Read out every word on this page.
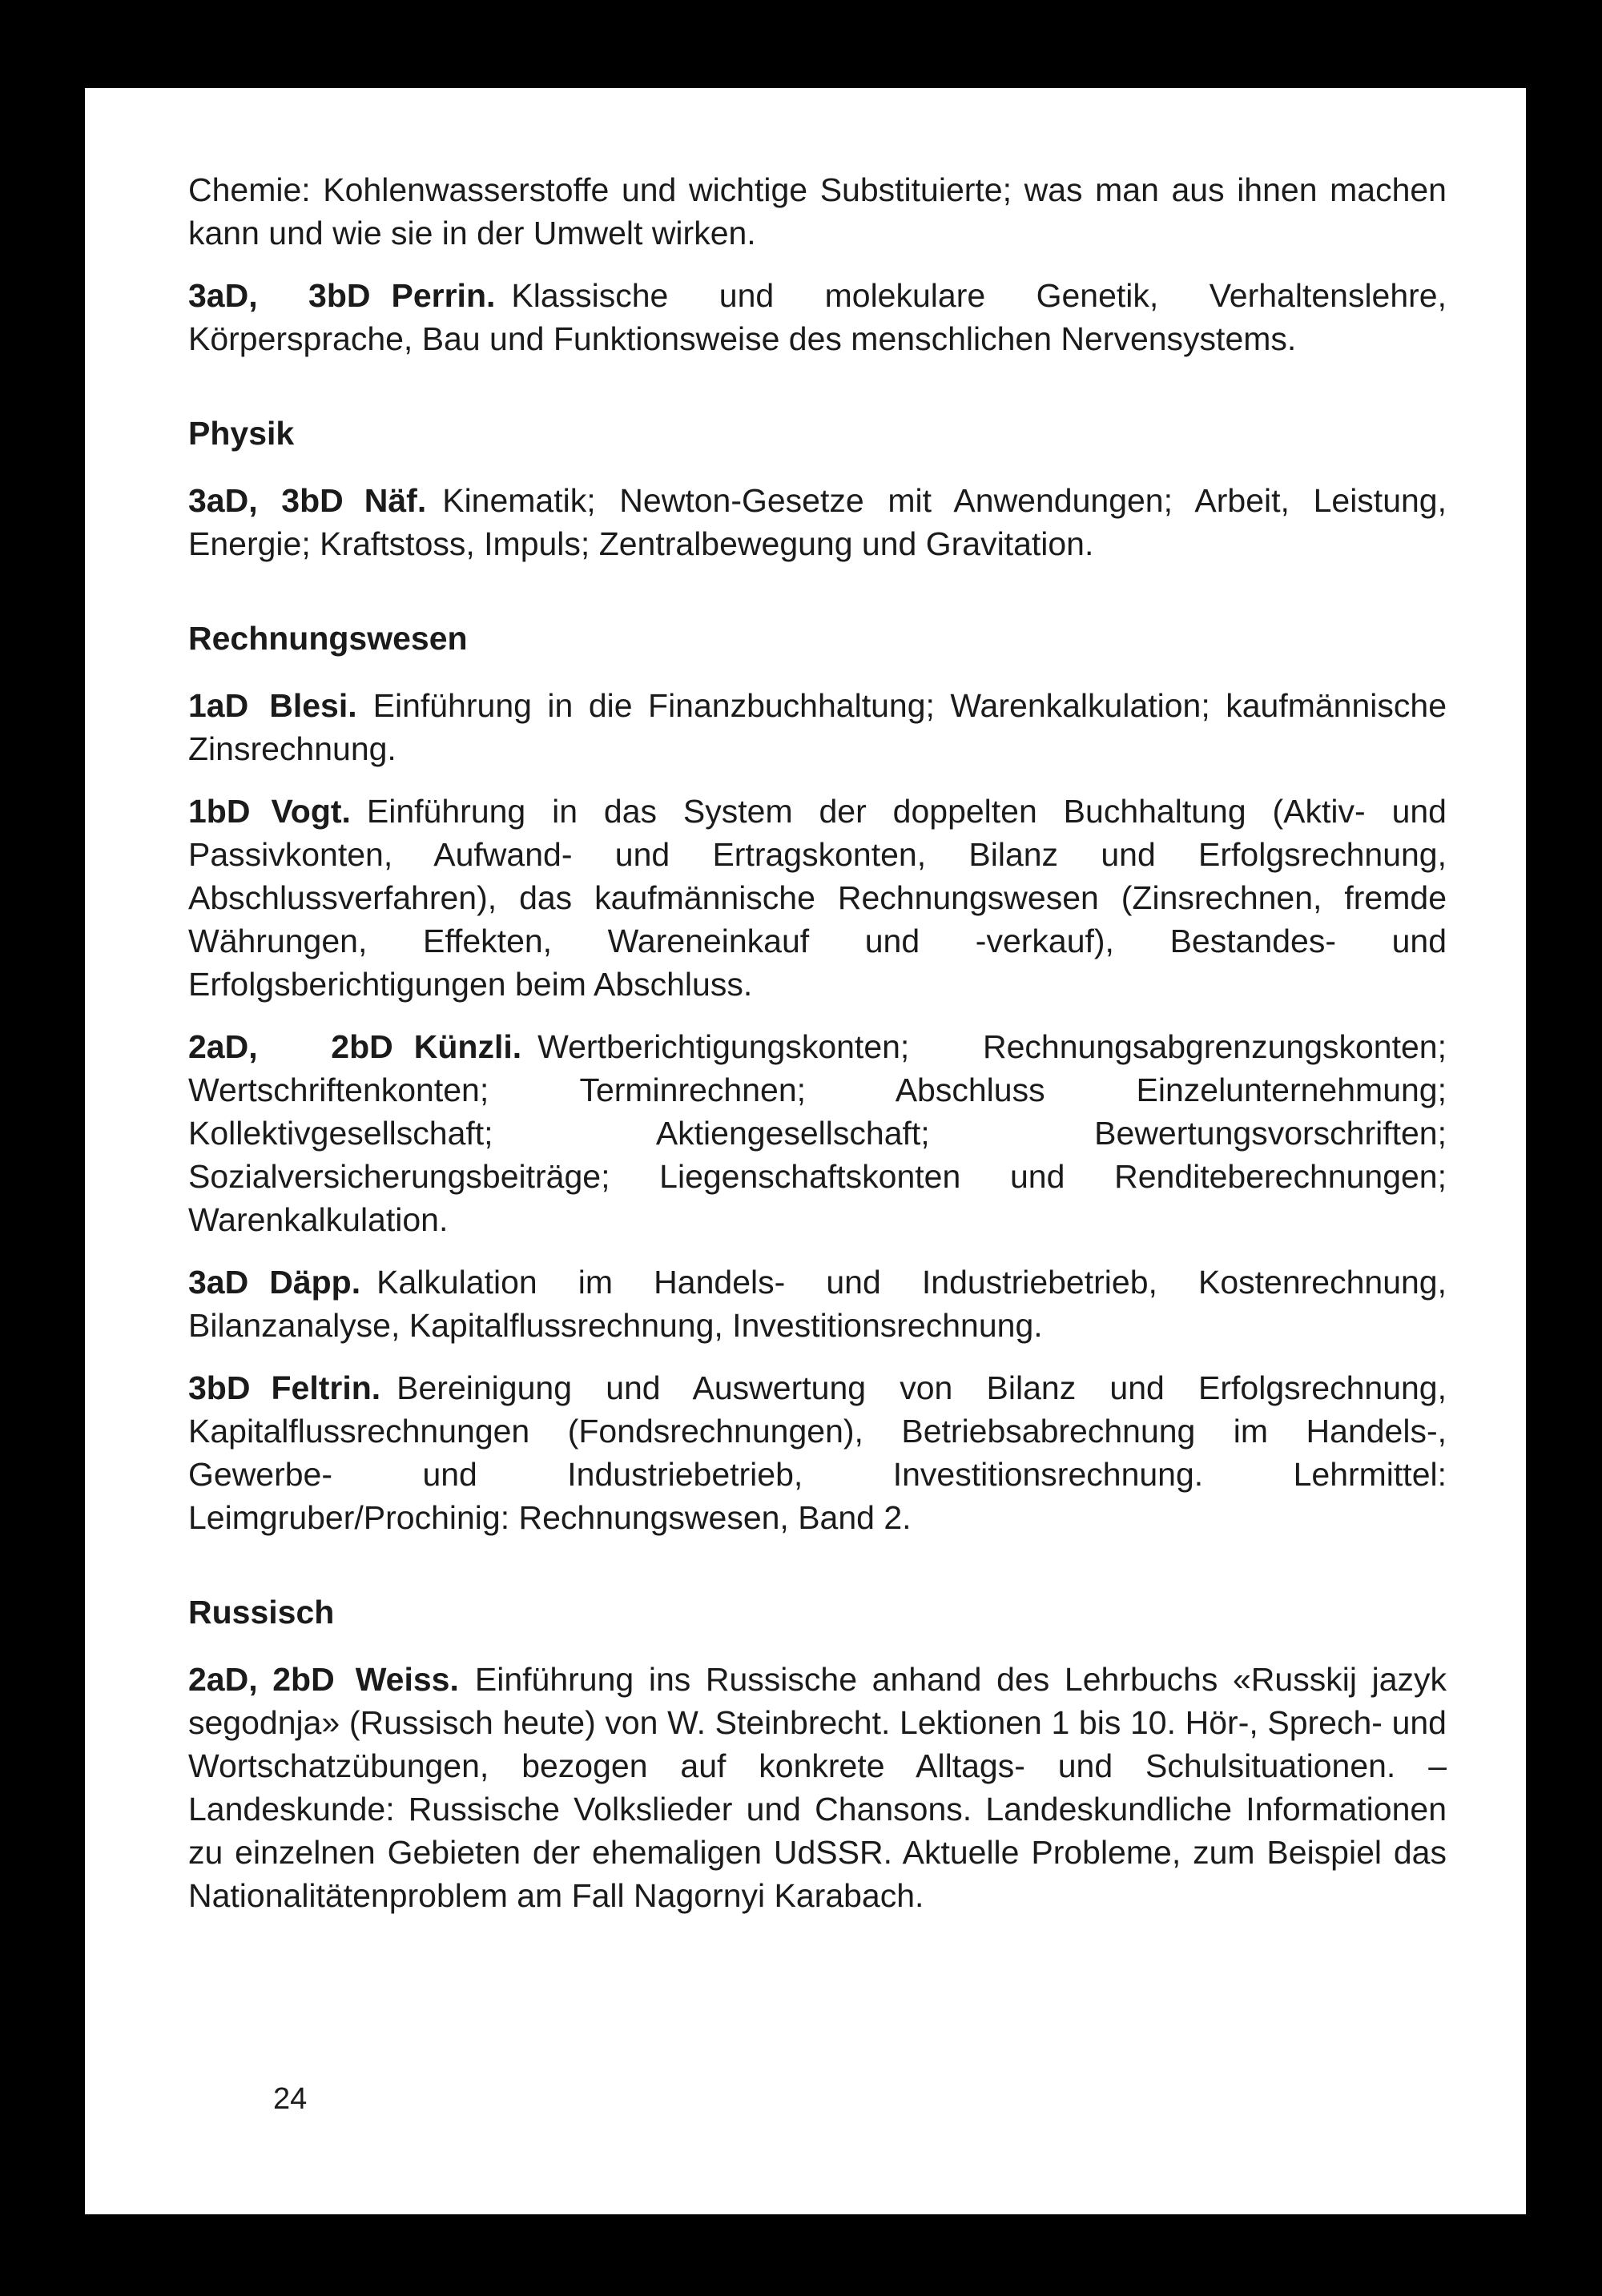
Chemie: Kohlenwasserstoffe und wichtige Substituierte; was man aus ihnen machen kann und wie sie in der Umwelt wirken.

3aD, 3bD Perrin. Klassische und molekulare Genetik, Verhaltenslehre, Körpersprache, Bau und Funktionsweise des menschlichen Nervensystems.

Physik

3aD, 3bD Näf. Kinematik; Newton-Gesetze mit Anwendungen; Arbeit, Leistung, Energie; Kraftstoss, Impuls; Zentralbewegung und Gravitation.

Rechnungswesen

1aD Blesi. Einführung in die Finanzbuchhaltung; Warenkalkulation; kaufmännische Zinsrechnung.

1bD Vogt. Einführung in das System der doppelten Buchhaltung (Aktiv- und Passivkonten, Aufwand- und Ertragskonten, Bilanz und Erfolgsrechnung, Abschlussverfahren), das kaufmännische Rechnungswesen (Zinsrechnen, fremde Währungen, Effekten, Wareneinkauf und -verkauf), Bestandes- und Erfolgsberichtigungen beim Abschluss.

2aD, 2bD Künzli. Wertberichtigungskonten; Rechnungsabgrenzungskonten; Wertschriftenkonten; Terminrechnen; Abschluss Einzelunternehmung; Kollektivgesellschaft; Aktiengesellschaft; Bewertungsvorschriften; Sozialversicherungsbeiträge; Liegenschaftskonten und Renditeberechnungen; Warenkalkulation.

3aD Däpp. Kalkulation im Handels- und Industriebetrieb, Kostenrechnung, Bilanzanalyse, Kapitalflussrechnung, Investitionsrechnung.

3bD Feltrin. Bereinigung und Auswertung von Bilanz und Erfolgsrechnung, Kapitalflussrechnungen (Fondsrechnungen), Betriebsabrechnung im Handels-, Gewerbe- und Industriebetrieb, Investitionsrechnung. Lehrmittel: Leimgruber/Prochinig: Rechnungswesen, Band 2.

Russisch

2aD, 2bD Weiss. Einführung ins Russische anhand des Lehrbuchs «Russkij jazyk segodnja» (Russisch heute) von W. Steinbrecht. Lektionen 1 bis 10. Hör-, Sprech- und Wortschatzübungen, bezogen auf konkrete Alltags- und Schulsituationen. – Landeskunde: Russische Volkslieder und Chansons. Landeskundliche Informationen zu einzelnen Gebieten der ehemaligen UdSSR. Aktuelle Probleme, zum Beispiel das Nationalitätenproblem am Fall Nagornyi Karabach.

24
